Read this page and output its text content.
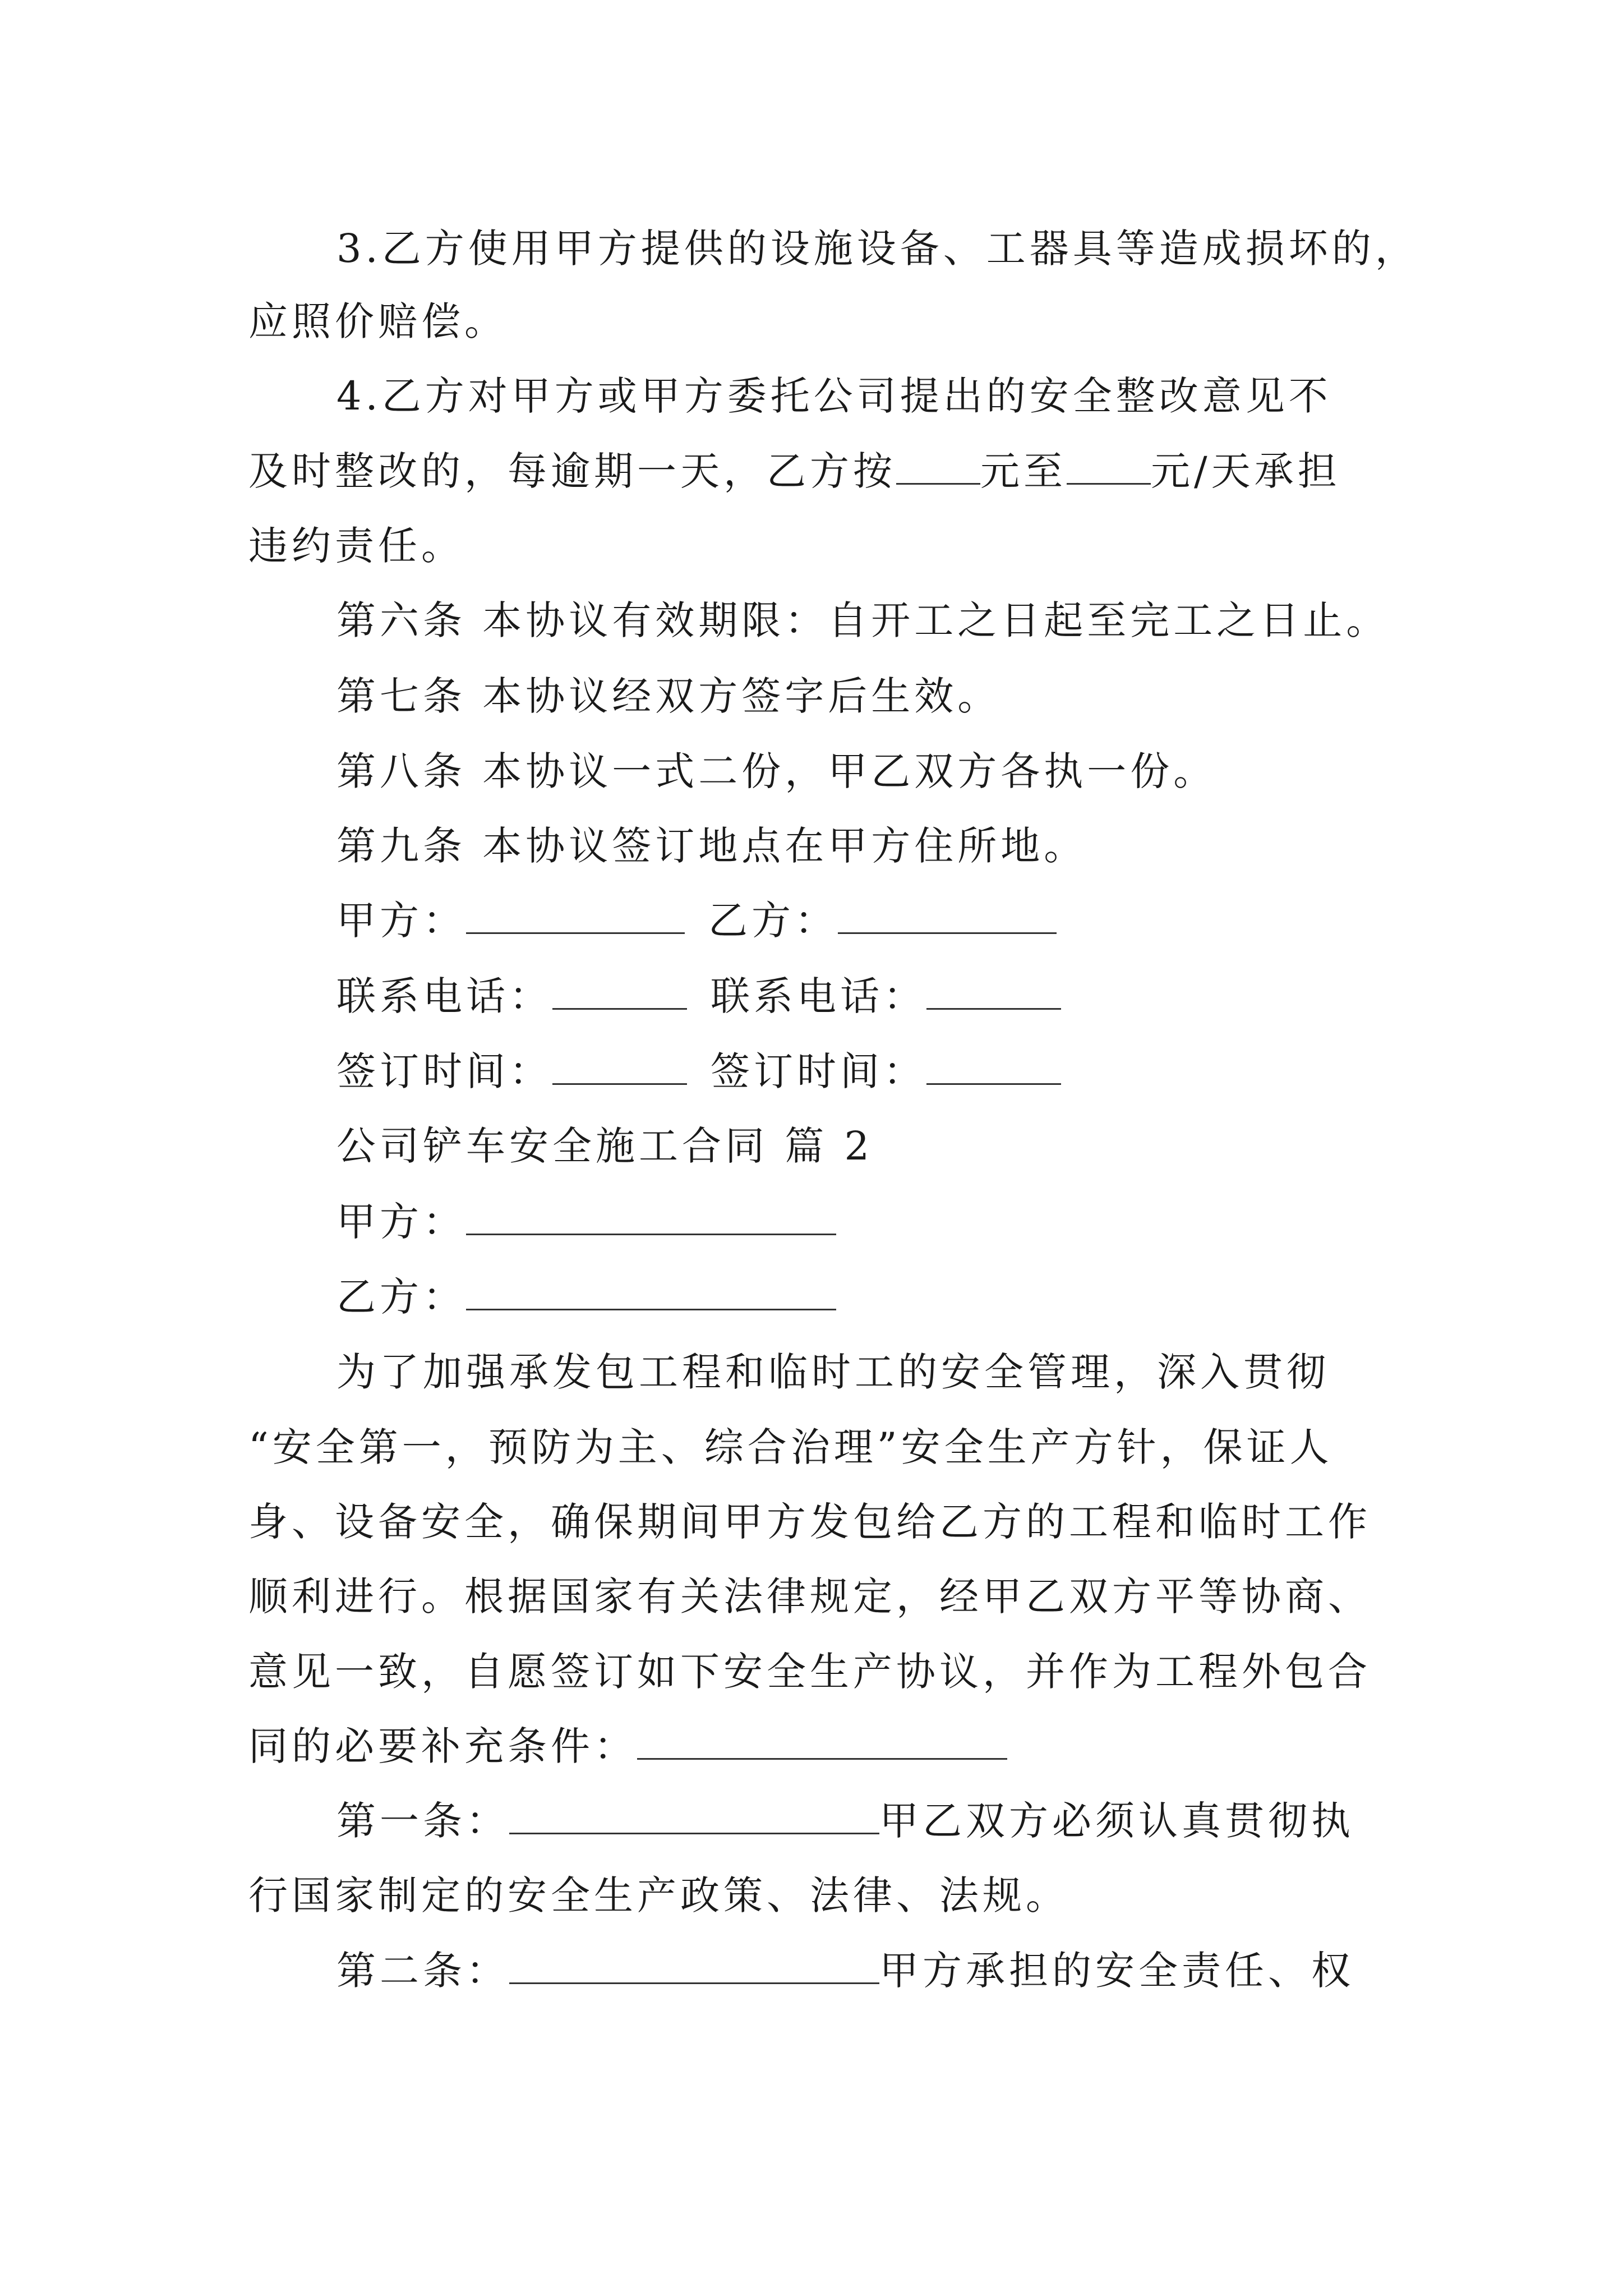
3.乙方使用甲方提供的设施设备、工器具等造成损坏的，
应照价赔偿。
4.乙方对甲方或甲方委托公司提出的安全整改意见不
及时整改的，每逾期一天，乙方按 元至 元/天承担
违约责任。
第六条 本协议有效期限：自开工之日起至完工之日止。
第七条 本协议经双方签字后生效。
第八条 本协议一式二份，甲乙双方各执一份。
第九条 本协议签订地点在甲方住所地。
甲方：	乙方：
联系电话：	联系电话：
签订时间：	签订时间：
公司铲车安全施工合同 篇 2
甲方：
乙方：
为了加强承发包工程和临时工的安全管理，深入贯彻
“安全第一，预防为主、综合治理”安全生产方针，保证人
身、设备安全，确保期间甲方发包给乙方的工程和临时工作
顺利进行。根据国家有关法律规定，经甲乙双方平等协商、
意见一致，自愿签订如下安全生产协议，并作为工程外包合
同的必要补充条件：
第一条：	甲乙双方必须认真贯彻执
行国家制定的安全生产政策、法律、法规。
第二条：	甲方承担的安全责任、权
